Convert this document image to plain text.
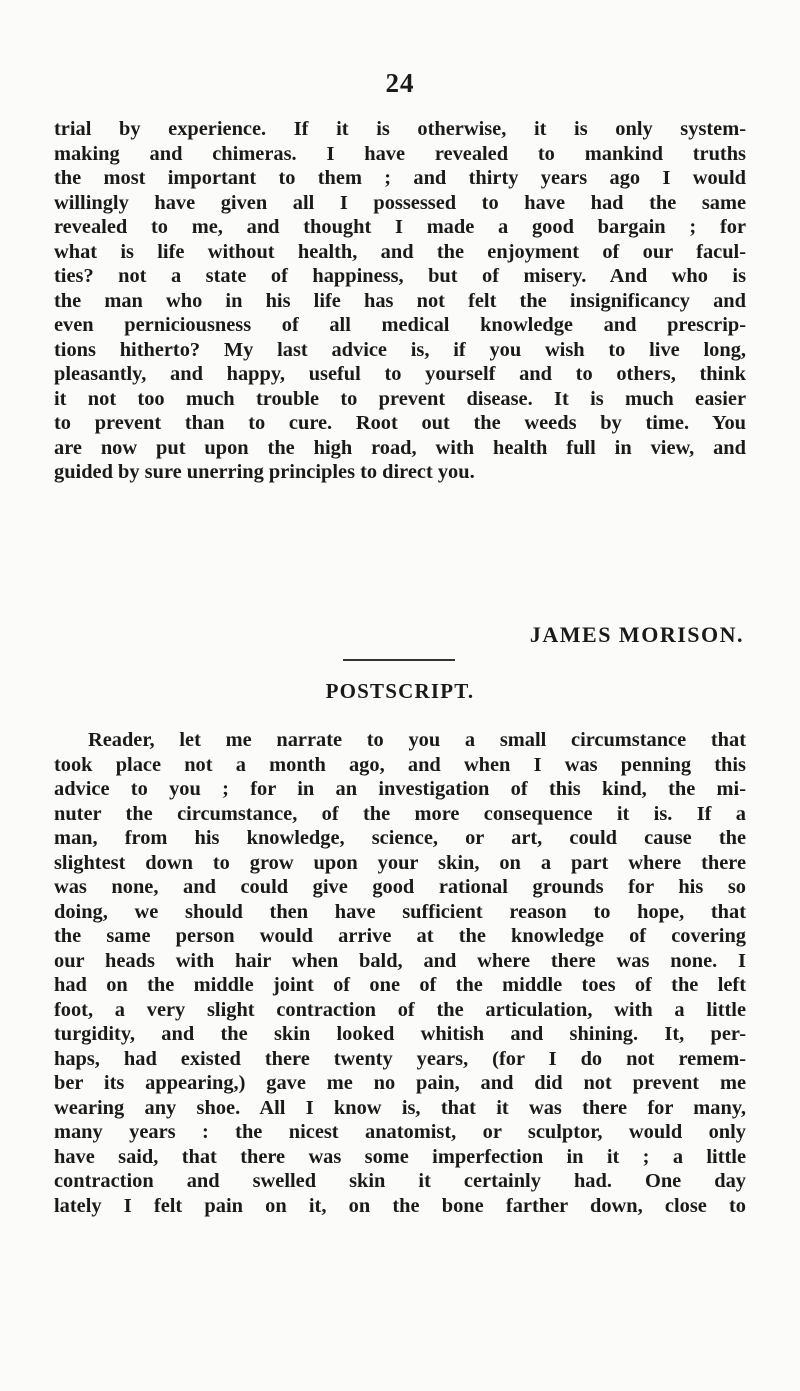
24
trial by experience. If it is otherwise, it is only system-
making and chimeras. I have revealed to mankind truths
the most important to them ; and thirty years ago I would
willingly have given all I possessed to have had the same
revealed to me, and thought I made a good bargain ; for
what is life without health, and the enjoyment of our facul-
ties? not a state of happiness, but of misery. And who is
the man who in his life has not felt the insignificancy and
even perniciousness of all medical knowledge and prescrip-
tions hitherto? My last advice is, if you wish to live long,
pleasantly, and happy, useful to yourself and to others, think
it not too much trouble to prevent disease. It is much easier
to prevent than to cure. Root out the weeds by time. You
are now put upon the high road, with health full in view, and
guided by sure unerring principles to direct you.
JAMES MORISON.
POSTSCRIPT.
Reader, let me narrate to you a small circumstance that
took place not a month ago, and when I was penning this
advice to you ; for in an investigation of this kind, the mi-
nuter the circumstance, of the more consequence it is. If a
man, from his knowledge, science, or art, could cause the
slightest down to grow upon your skin, on a part where there
was none, and could give good rational grounds for his so
doing, we should then have sufficient reason to hope, that
the same person would arrive at the knowledge of covering
our heads with hair when bald, and where there was none. I
had on the middle joint of one of the middle toes of the left
foot, a very slight contraction of the articulation, with a little
turgidity, and the skin looked whitish and shining. It, per-
haps, had existed there twenty years, (for I do not remem-
ber its appearing,) gave me no pain, and did not prevent me
wearing any shoe. All I know is, that it was there for many,
many years : the nicest anatomist, or sculptor, would only
have said, that there was some imperfection in it ; a little
contraction and swelled skin it certainly had. One day
lately I felt pain on it, on the bone farther down, close to
